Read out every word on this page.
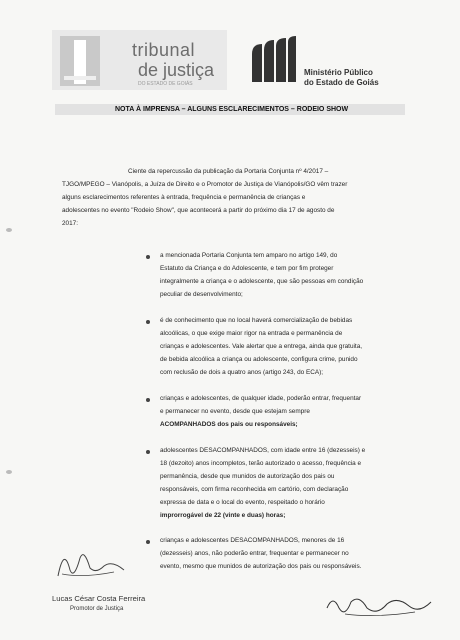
tribunal
de justiça
DO ESTADO DE GOIÁS
Ministério Público
do Estado de Goiás
NOTA À IMPRENSA – ALGUNS ESCLARECIMENTOS – RODEIO SHOW
Ciente da repercussão da publicação da Portaria Conjunta nº 4/2017 –
TJGO/MPEGO – Vianópolis, a Juíza de Direito e o Promotor de Justiça de Vianópolis/GO vêm trazer
alguns esclarecimentos referentes à entrada, frequência e permanência de crianças e
adolescentes no evento "Rodeio Show", que acontecerá a partir do próximo dia 17 de agosto de
2017:
a mencionada Portaria Conjunta tem amparo no artigo 149, do
Estatuto da Criança e do Adolescente, e tem por fim proteger
integralmente a criança e o adolescente, que são pessoas em condição
peculiar de desenvolvimento;
é de conhecimento que no local haverá comercialização de bebidas
alcoólicas, o que exige maior rigor na entrada e permanência de
crianças e adolescentes. Vale alertar que a entrega, ainda que gratuita,
de bebida alcoólica a criança ou adolescente, configura crime, punido
com reclusão de dois a quatro anos (artigo 243, do ECA);
crianças e adolescentes, de qualquer idade, poderão entrar, frequentar
e permanecer no evento, desde que estejam sempre
ACOMPANHADOS dos pais ou responsáveis;
adolescentes DESACOMPANHADOS, com idade entre 16 (dezesseis) e
18 (dezoito) anos incompletos, terão autorizado o acesso, frequência e
permanência, desde que munidos de autorização dos pais ou
responsáveis, com firma reconhecida em cartório, com declaração
expressa de data e o local do evento, respeitado o horário
improrrogável de 22 (vinte e duas) horas;
crianças e adolescentes DESACOMPANHADOS, menores de 16
(dezesseis) anos, não poderão entrar, frequentar e permanecer no
evento, mesmo que munidos de autorização dos pais ou responsáveis.
Lucas César Costa Ferreira
Promotor de Justiça
